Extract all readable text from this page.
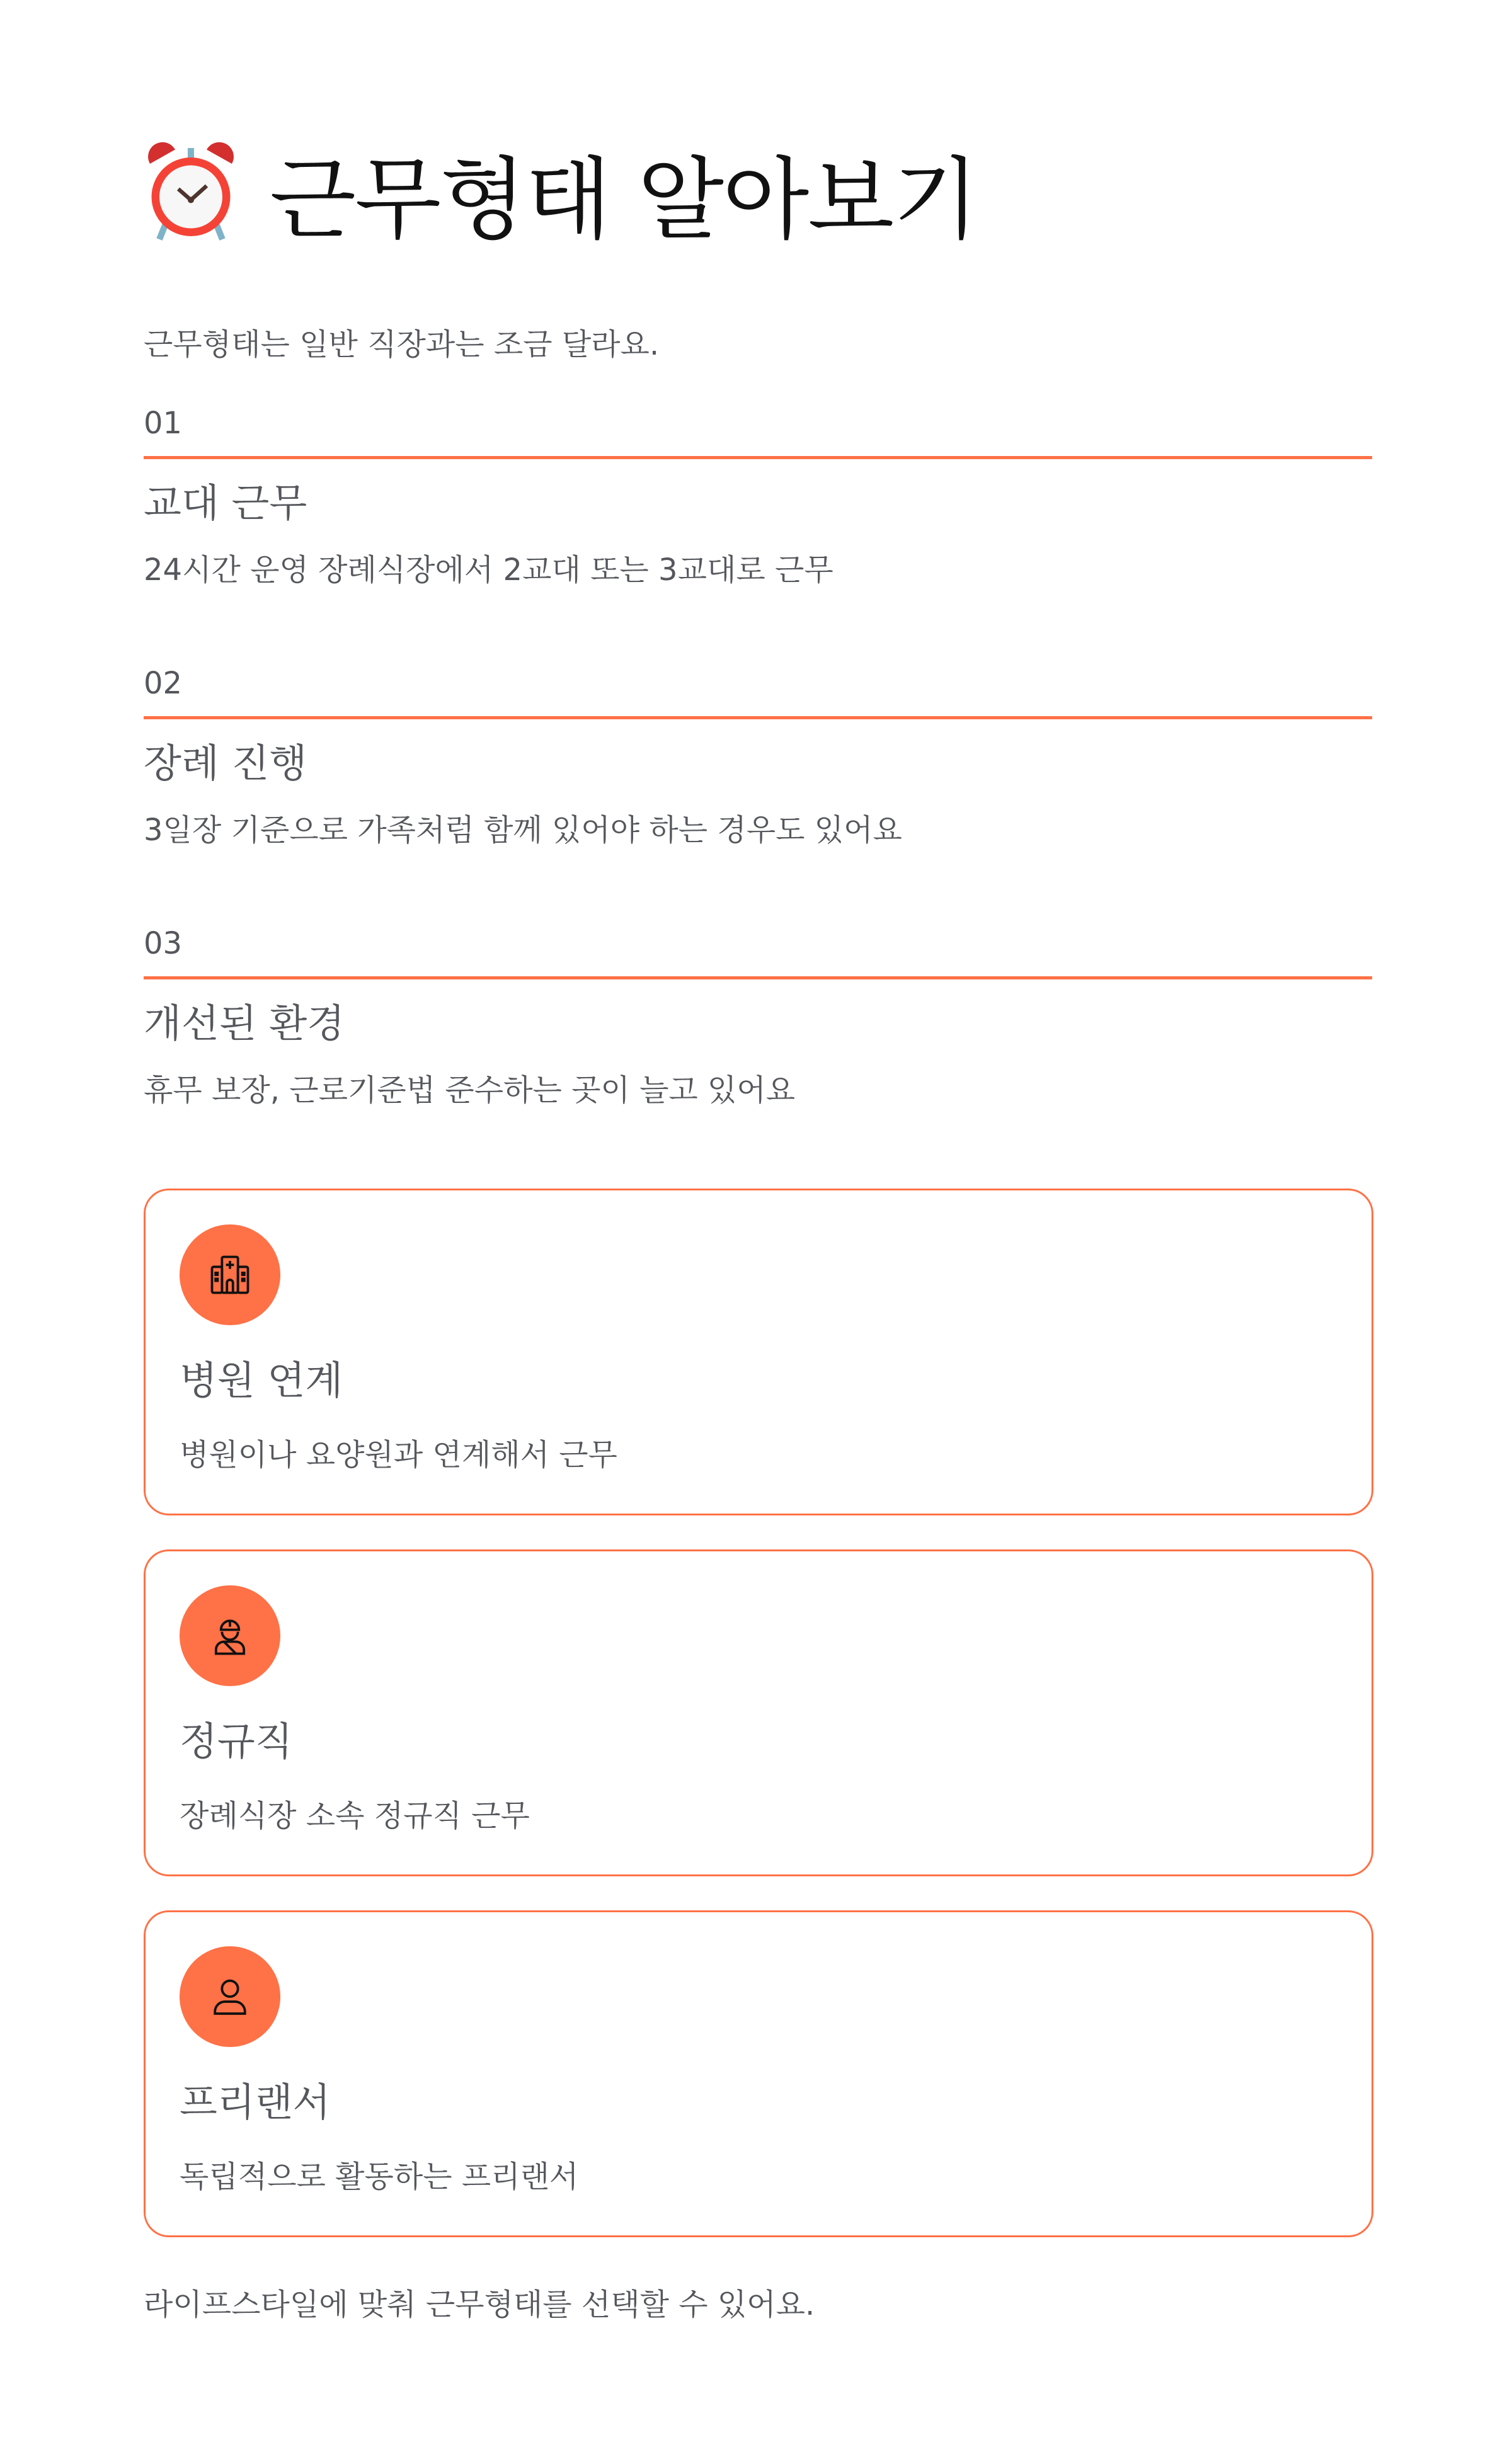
근무형태 알아보기
근무형태는 일반 직장과는 조금 달라요.
01
교대 근무
24시간 운영 장례식장에서 2교대 또는 3교대로 근무
02
장례 진행
3일장 기준으로 가족처럼 함께 있어야 하는 경우도 있어요
03
개선된 환경
휴무 보장, 근로기준법 준수하는 곳이 늘고 있어요
병원 연계
병원이나 요양원과 연계해서 근무
정규직
장례식장 소속 정규직 근무
프리랜서
독립적으로 활동하는 프리랜서
라이프스타일에 맞춰 근무형태를 선택할 수 있어요.
